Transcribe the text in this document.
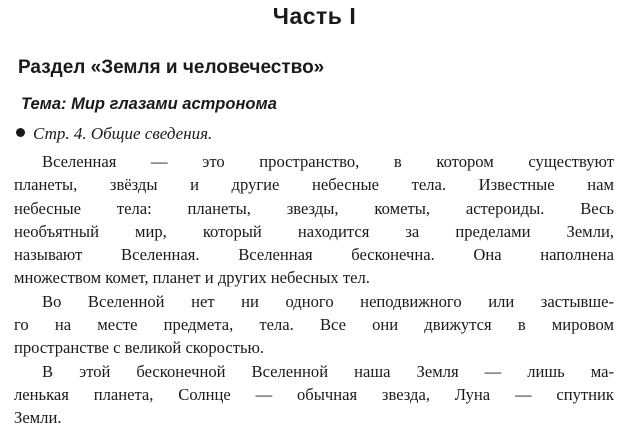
Часть I
Раздел «Земля и человечество»
Тема: Мир глазами астронома
Стр. 4. Общие сведения.
Вселенная — это пространство, в котором существуют
планеты, звёзды и другие небесные тела. Известные нам
небесные тела: планеты, звезды, кометы, астероиды. Весь
необъятный мир, который находится за пределами Земли,
называют Вселенная. Вселенная бесконечна. Она наполнена
множеством комет, планет и других небесных тел.
Во Вселенной нет ни одного неподвижного или застывше-
го на месте предмета, тела. Все они движутся в мировом
пространстве с великой скоростью.
В этой бесконечной Вселенной наша Земля — лишь ма-
ленькая планета, Солнце — обычная звезда, Луна — спутник
Земли.
